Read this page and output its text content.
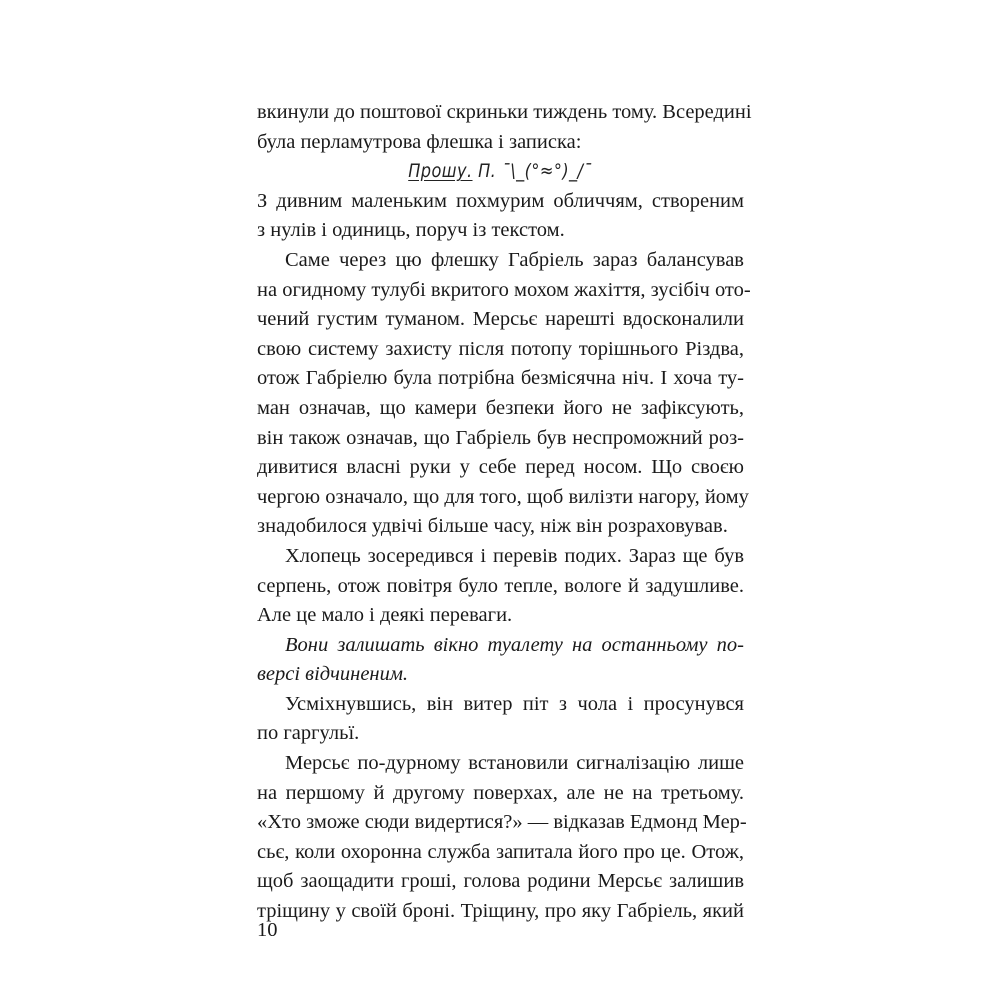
вкинули до поштової скриньки тиждень тому. Всередині
була перламутрова флешка і записка:
Прошу. П. ¯\_(°≈°)_/¯
З дивним маленьким похмурим обличчям, створеним
з нулів і одиниць, поруч із текстом.
Саме через цю флешку Габріель зараз балансував
на огидному тулубі вкритого мохом жахіття, зусібіч ото-
чений густим туманом. Мерсьє нарешті вдосконалили
свою систему захисту після потопу торішнього Різдва,
отож Габріелю була потрібна безмісячна ніч. І хоча ту-
ман означав, що камери безпеки його не зафіксують,
він також означав, що Габріель був неспроможний роз-
дивитися власні руки у себе перед носом. Що своєю
чергою означало, що для того, щоб вилізти нагору, йому
знадобилося удвічі більше часу, ніж він розраховував.
Хлопець зосередився і перевів подих. Зараз ще був
серпень, отож повітря було тепле, вологе й задушливе.
Але це мало і деякі переваги.
Вони залишать вікно туалету на останньому по-
версі відчиненим.
Усміхнувшись, він витер піт з чола і просунувся
по гаргульї.
Мерсьє по-дурному встановили сигналізацію лише
на першому й другому поверхах, але не на третьому.
«Хто зможе сюди видертися?» — відказав Едмонд Мер-
сьє, коли охоронна служба запитала його про це. Отож,
щоб заощадити гроші, голова родини Мерсьє залишив
тріщину у своїй броні. Тріщину, про яку Габріель, який
10
